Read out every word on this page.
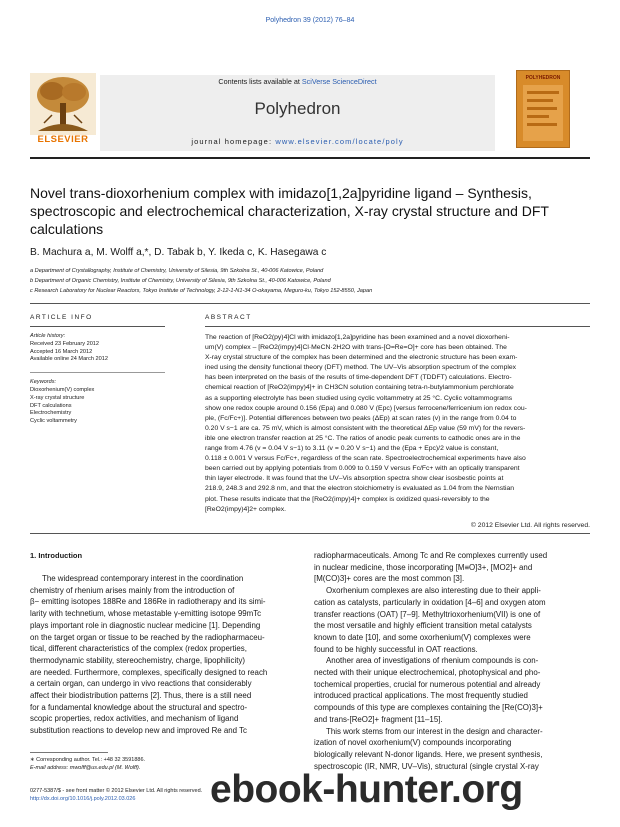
Polyhedron 39 (2012) 76–84
Contents lists available at SciVerse ScienceDirect
Polyhedron
journal homepage: www.elsevier.com/locate/poly
ELSEVIER
POLYHEDRON
Novel trans-dioxorhenium complex with imidazo[1,2a]pyridine ligand – Synthesis, spectroscopic and electrochemical characterization, X-ray crystal structure and DFT calculations
B. Machura a, M. Wolff a,*, D. Tabak b, Y. Ikeda c, K. Hasegawa c
a Department of Crystallography, Institute of Chemistry, University of Silesia, 9th Szkolna St., 40-006 Katowice, Poland
b Department of Organic Chemistry, Institute of Chemistry, University of Silesia, 9th Szkolna St., 40-006 Katowice, Poland
c Research Laboratory for Nuclear Reactors, Tokyo Institute of Technology, 2-12-1-N1-34 O-okayama, Meguro-ku, Tokyo 152-8550, Japan
ARTICLE INFO
Article history:
Received 23 February 2012
Accepted 16 March 2012
Available online 24 March 2012
Keywords:
Dioxorhenium(V) complex
X-ray crystal structure
DFT calculations
Electrochemistry
Cyclic voltammetry
ABSTRACT
The reaction of [ReO2(py)4]Cl with imidazo[1,2a]pyridine has been examined and a novel dioxorheni-
um(V) complex – [ReO2(impy)4]Cl·MeCN·2H2O with trans-[O=Re=O]+ core has been obtained. The
X-ray crystal structure of the complex has been determined and the electronic structure has been exam-
ined using the density functional theory (DFT) method. The UV–Vis absorption spectrum of the complex
has been interpreted on the basis of the results of time-dependent DFT (TDDFT) calculations. Electro-
chemical reaction of [ReO2(impy)4]+ in CH3CN solution containing tetra-n-butylammonium perchlorate
as a supporting electrolyte has been studied using cyclic voltammetry at 25 °C. Cyclic voltammograms
show one redox couple around 0.156 (Epa) and 0.080 V (Epc) [versus ferrocene/ferricenium ion redox cou-
ple, (Fc/Fc+)]. Potential differences between two peaks (ΔEp) at scan rates (v) in the range from 0.04 to
0.20 V s−1 are ca. 75 mV, which is almost consistent with the theoretical ΔEp value (59 mV) for the revers-
ible one electron transfer reaction at 25 °C. The ratios of anodic peak currents to cathodic ones are in the
range from 4.76 (v = 0.04 V s−1) to 3.11 (v = 0.20 V s−1) and the (Epa + Epc)/2 value is constant,
0.118 ± 0.001 V versus Fc/Fc+, regardless of the scan rate. Spectroelectrochemical experiments have also
been carried out by applying potentials from 0.009 to 0.159 V versus Fc/Fc+ with an optically transparent
thin layer electrode. It was found that the UV–Vis absorption spectra show clear isosbestic points at
218.9, 248.3 and 292.8 nm, and that the electron stoichiometry is evaluated as 1.04 from the Nernstian
plot. These results indicate that the [ReO2(impy)4]+ complex is oxidized quasi-reversibly to the
[ReO2(impy)4]2+ complex.
© 2012 Elsevier Ltd. All rights reserved.
1. Introduction
The widespread contemporary interest in the coordination
chemistry of rhenium arises mainly from the introduction of
β− emitting isotopes 188Re and 186Re in radiotherapy and its simi-
larity with technetium, whose metastable γ-emitting isotope 99mTc
plays important role in diagnostic nuclear medicine [1]. Depending
on the target organ or tissue to be reached by the radiopharmaceu-
tical, different characteristics of the complex (redox properties,
thermodynamic stability, stereochemistry, charge, lipophilicity)
are needed. Furthermore, complexes, specifically designed to reach
a certain organ, can undergo in vivo reactions that considerably
affect their biodistribution patterns [2]. Thus, there is a still need
for a fundamental knowledge about the structural and spectro-
scopic properties, redox activities, and mechanism of ligand
substitution reactions to develop new and improved Re and Tc
radiopharmaceuticals. Among Tc and Re complexes currently used
in nuclear medicine, those incorporating [M≡O]3+, [MO2]+ and
[M(CO)3]+ cores are the most common [3].
Oxorhenium complexes are also interesting due to their appli-
cation as catalysts, particularly in oxidation [4–6] and oxygen atom
transfer reactions (OAT) [7–9]. Methyltrioxorhenium(VII) is one of
the most versatile and highly efficient transition metal catalysts
known to date [10], and some oxorhenium(V) complexes were
found to be highly successful in OAT reactions.
Another area of investigations of rhenium compounds is con-
nected with their unique electrochemical, photophysical and pho-
tochemical properties, crucial for numerous potential and already
introduced practical applications. The most frequently studied
compounds of this type are complexes containing the [Re(CO)3]+
and trans-[ReO2]+ fragment [11–15].
This work stems from our interest in the design and character-
ization of novel oxorhenium(V) compounds incorporating
biologically relevant N-donor ligands. Here, we present synthesis,
spectroscopic (IR, NMR, UV–Vis), structural (single crystal X-ray
∗ Corresponding author. Tel.: +48 32 3591886.
E-mail address: mwolff@us.edu.pl (M. Wolff).
0277-5387/$ - see front matter © 2012 Elsevier Ltd. All rights reserved.
http://dx.doi.org/10.1016/j.poly.2012.03.026	ebook-hunter.org
